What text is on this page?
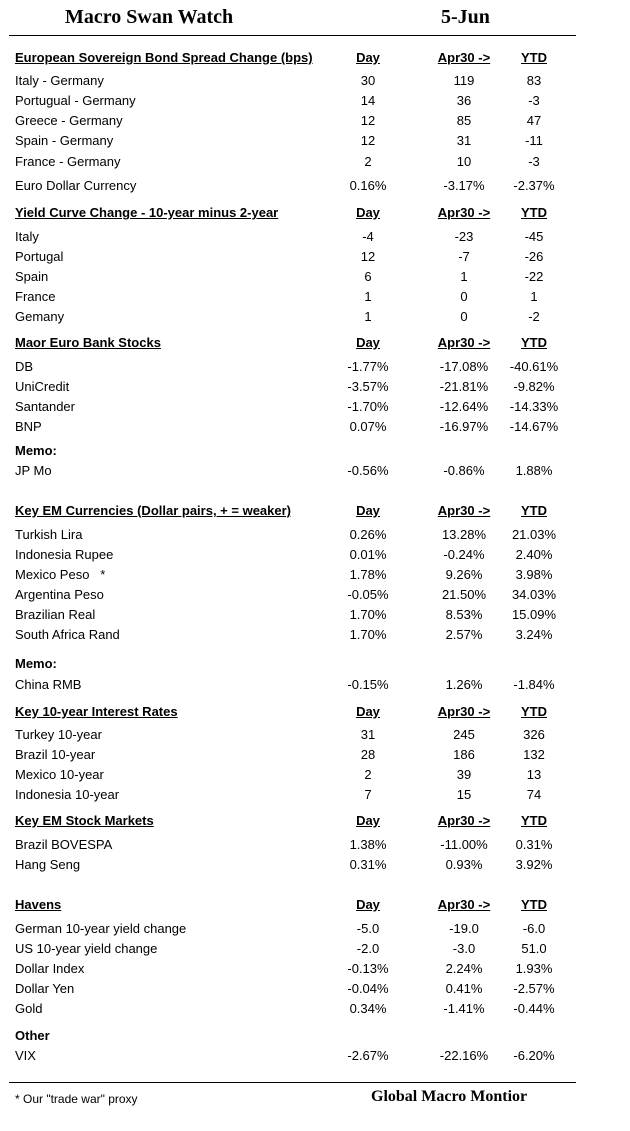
Macro Swan Watch	5-Jun
European Sovereign Bond Spread Change (bps)	Day	Apr30 ->	YTD
Italy - Germany	30	119	83
Portugual - Germany	14	36	-3
Greece - Germany	12	85	47
Spain - Germany	12	31	-11
France - Germany	2	10	-3
Euro Dollar Currency	0.16%	-3.17%	-2.37%
Yield Curve Change - 10-year minus 2-year	Day	Apr30 ->	YTD
Italy	-4	-23	-45
Portugal	12	-7	-26
Spain	6	1	-22
France	1	0	1
Gemany	1	0	-2
Maor Euro Bank Stocks	Day	Apr30 ->	YTD
DB	-1.77%	-17.08%	-40.61%
UniCredit	-3.57%	-21.81%	-9.82%
Santander	-1.70%	-12.64%	-14.33%
BNP	0.07%	-16.97%	-14.67%
Memo:
JP Mo	-0.56%	-0.86%	1.88%
Key EM Currencies (Dollar pairs, + = weaker)	Day	Apr30 ->	YTD
Turkish Lira	0.26%	13.28%	21.03%
Indonesia Rupee	0.01%	-0.24%	2.40%
Mexico Peso   *	1.78%	9.26%	3.98%
Argentina Peso	-0.05%	21.50%	34.03%
Brazilian Real	1.70%	8.53%	15.09%
South Africa Rand	1.70%	2.57%	3.24%
Memo:
China RMB	-0.15%	1.26%	-1.84%
Key 10-year Interest Rates	Day	Apr30 ->	YTD
Turkey 10-year	31	245	326
Brazil 10-year	28	186	132
Mexico 10-year	2	39	13
Indonesia 10-year	7	15	74
Key EM Stock Markets	Day	Apr30 ->	YTD
Brazil BOVESPA	1.38%	-11.00%	0.31%
Hang Seng	0.31%	0.93%	3.92%
Havens	Day	Apr30 ->	YTD
German 10-year yield change	-5.0	-19.0	-6.0
US 10-year yield change	-2.0	-3.0	51.0
Dollar Index	-0.13%	2.24%	1.93%
Dollar Yen	-0.04%	0.41%	-2.57%
Gold	0.34%	-1.41%	-0.44%
Other
VIX	-2.67%	-22.16%	-6.20%
* Our "trade war" proxy	Global Macro Montior
